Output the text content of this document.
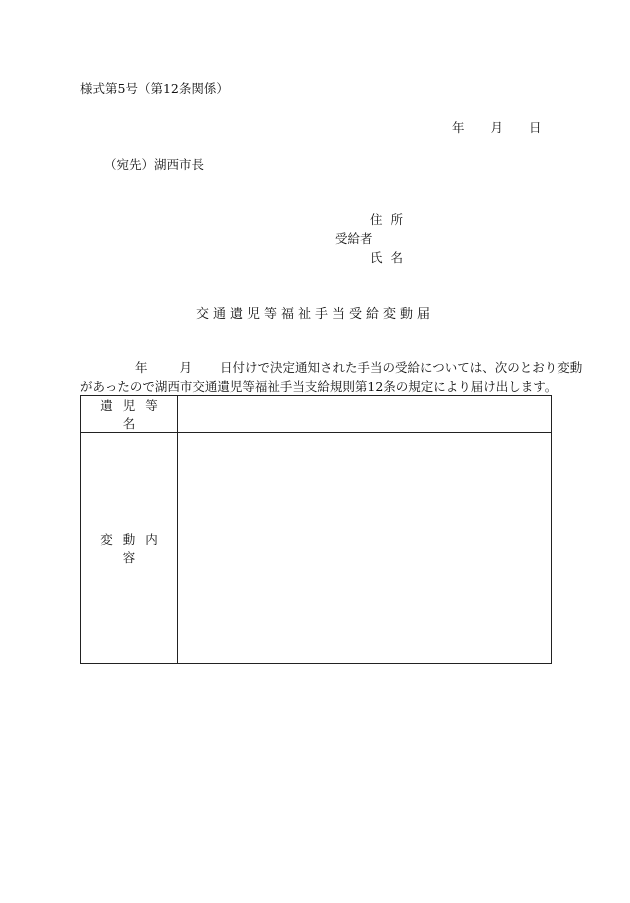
様式第5号（第12条関係）
年 月 日
（宛先）湖西市長
住所
受給者
氏名
交通遺児等福祉手当受給変動届
年	月 日付けで決定通知された手当の受給については、次のとおり変動
があったので湖西市交通遺児等福祉手当支給規則第12条の規定により届け出します。
遺児等名	
変動内容	
